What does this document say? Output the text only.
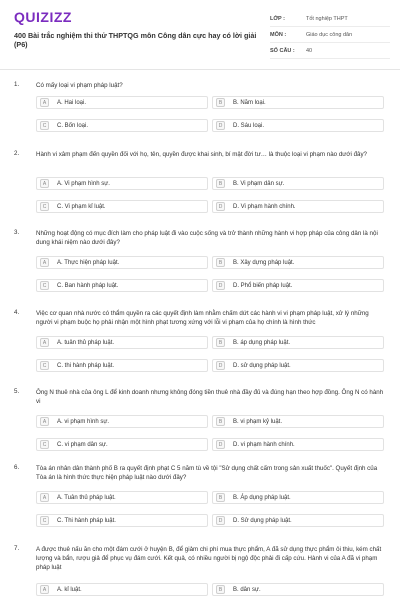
QUIZIZZ
400 Bài trắc nghiệm thi thử THPTQG môn Công dân cực hay có lời giải (P6)
LỚP :	Tốt nghiệp THPT
MÔN :	Giáo dục công dân
SỐ CÂU :	40
1.	Có mấy loại vi phạm pháp luật?
A	A. Hai loại.	B	B. Năm loại.
C	C. Bốn loại.	D	D. Sáu loại.
2.	Hành vi xâm phạm đến quyền đối với họ, tên, quyền được khai sinh, bí mật đời tư… là thuộc loại vi phạm nào dưới đây?
A	A. Vi phạm hình sự.	B	B. Vi phạm dân sự.
C	C. Vi phạm kỉ luật.	D	D. Vi phạm hành chính.
3.	Những hoạt động có mục đích làm cho pháp luật đi vào cuộc sống và trở thành những hành vi hợp pháp của công dân là nội dung khái niệm nào dưới đây?
A	A. Thực hiện pháp luật.	B	B. Xây dựng pháp luật.
C	C. Ban hành pháp luật.	D	D. Phổ biến pháp luật.
4.	Việc cơ quan nhà nước có thẩm quyền ra các quyết định làm nhằm chấm dứt các hành vi vi phạm pháp luật, xử lý những người vi phạm buộc họ phải nhận một hình phạt tương xứng với lỗi vi phạm của họ chính là hình thức
A	A. tuân thủ pháp luật.	B	B. áp dụng pháp luật.
C	C. thi hành pháp luật.	D	D. sử dụng pháp luật.
5.	Ông N thuê nhà của ông L để kinh doanh nhưng không đóng tiền thuê nhà đầy đủ và đúng hạn theo hợp đồng. Ông N có hành vi
A	A. vi phạm hình sự.	B	B. vi phạm kỷ luật.
C	C. vi phạm dân sự.	D	D. vi phạm hành chính.
6.	Tòa án nhân dân thành phố B ra quyết định phạt C 5 năm tù về tội "Sử dụng chất cấm trong sản xuất thuốc". Quyết định của Tòa án là hình thức thực hiện pháp luật nào dưới đây?
A	A. Tuân thủ pháp luật.	B	B. Áp dụng pháp luật.
C	C. Thi hành pháp luật.	D	D. Sử dụng pháp luật.
7.	A được thuê nấu ăn cho một đám cưới ở huyện B, để giảm chi phí mua thực phẩm, A đã sử dụng thực phẩm ôi thiu, kém chất lượng và bẩn, rượu giả để phục vụ đám cưới. Kết quả, có nhiều người bị ngộ độc phải đi cấp cứu. Hành vi của A đã vi phạm pháp luật
A	A. kỉ luật.	B	B. dân sự.
